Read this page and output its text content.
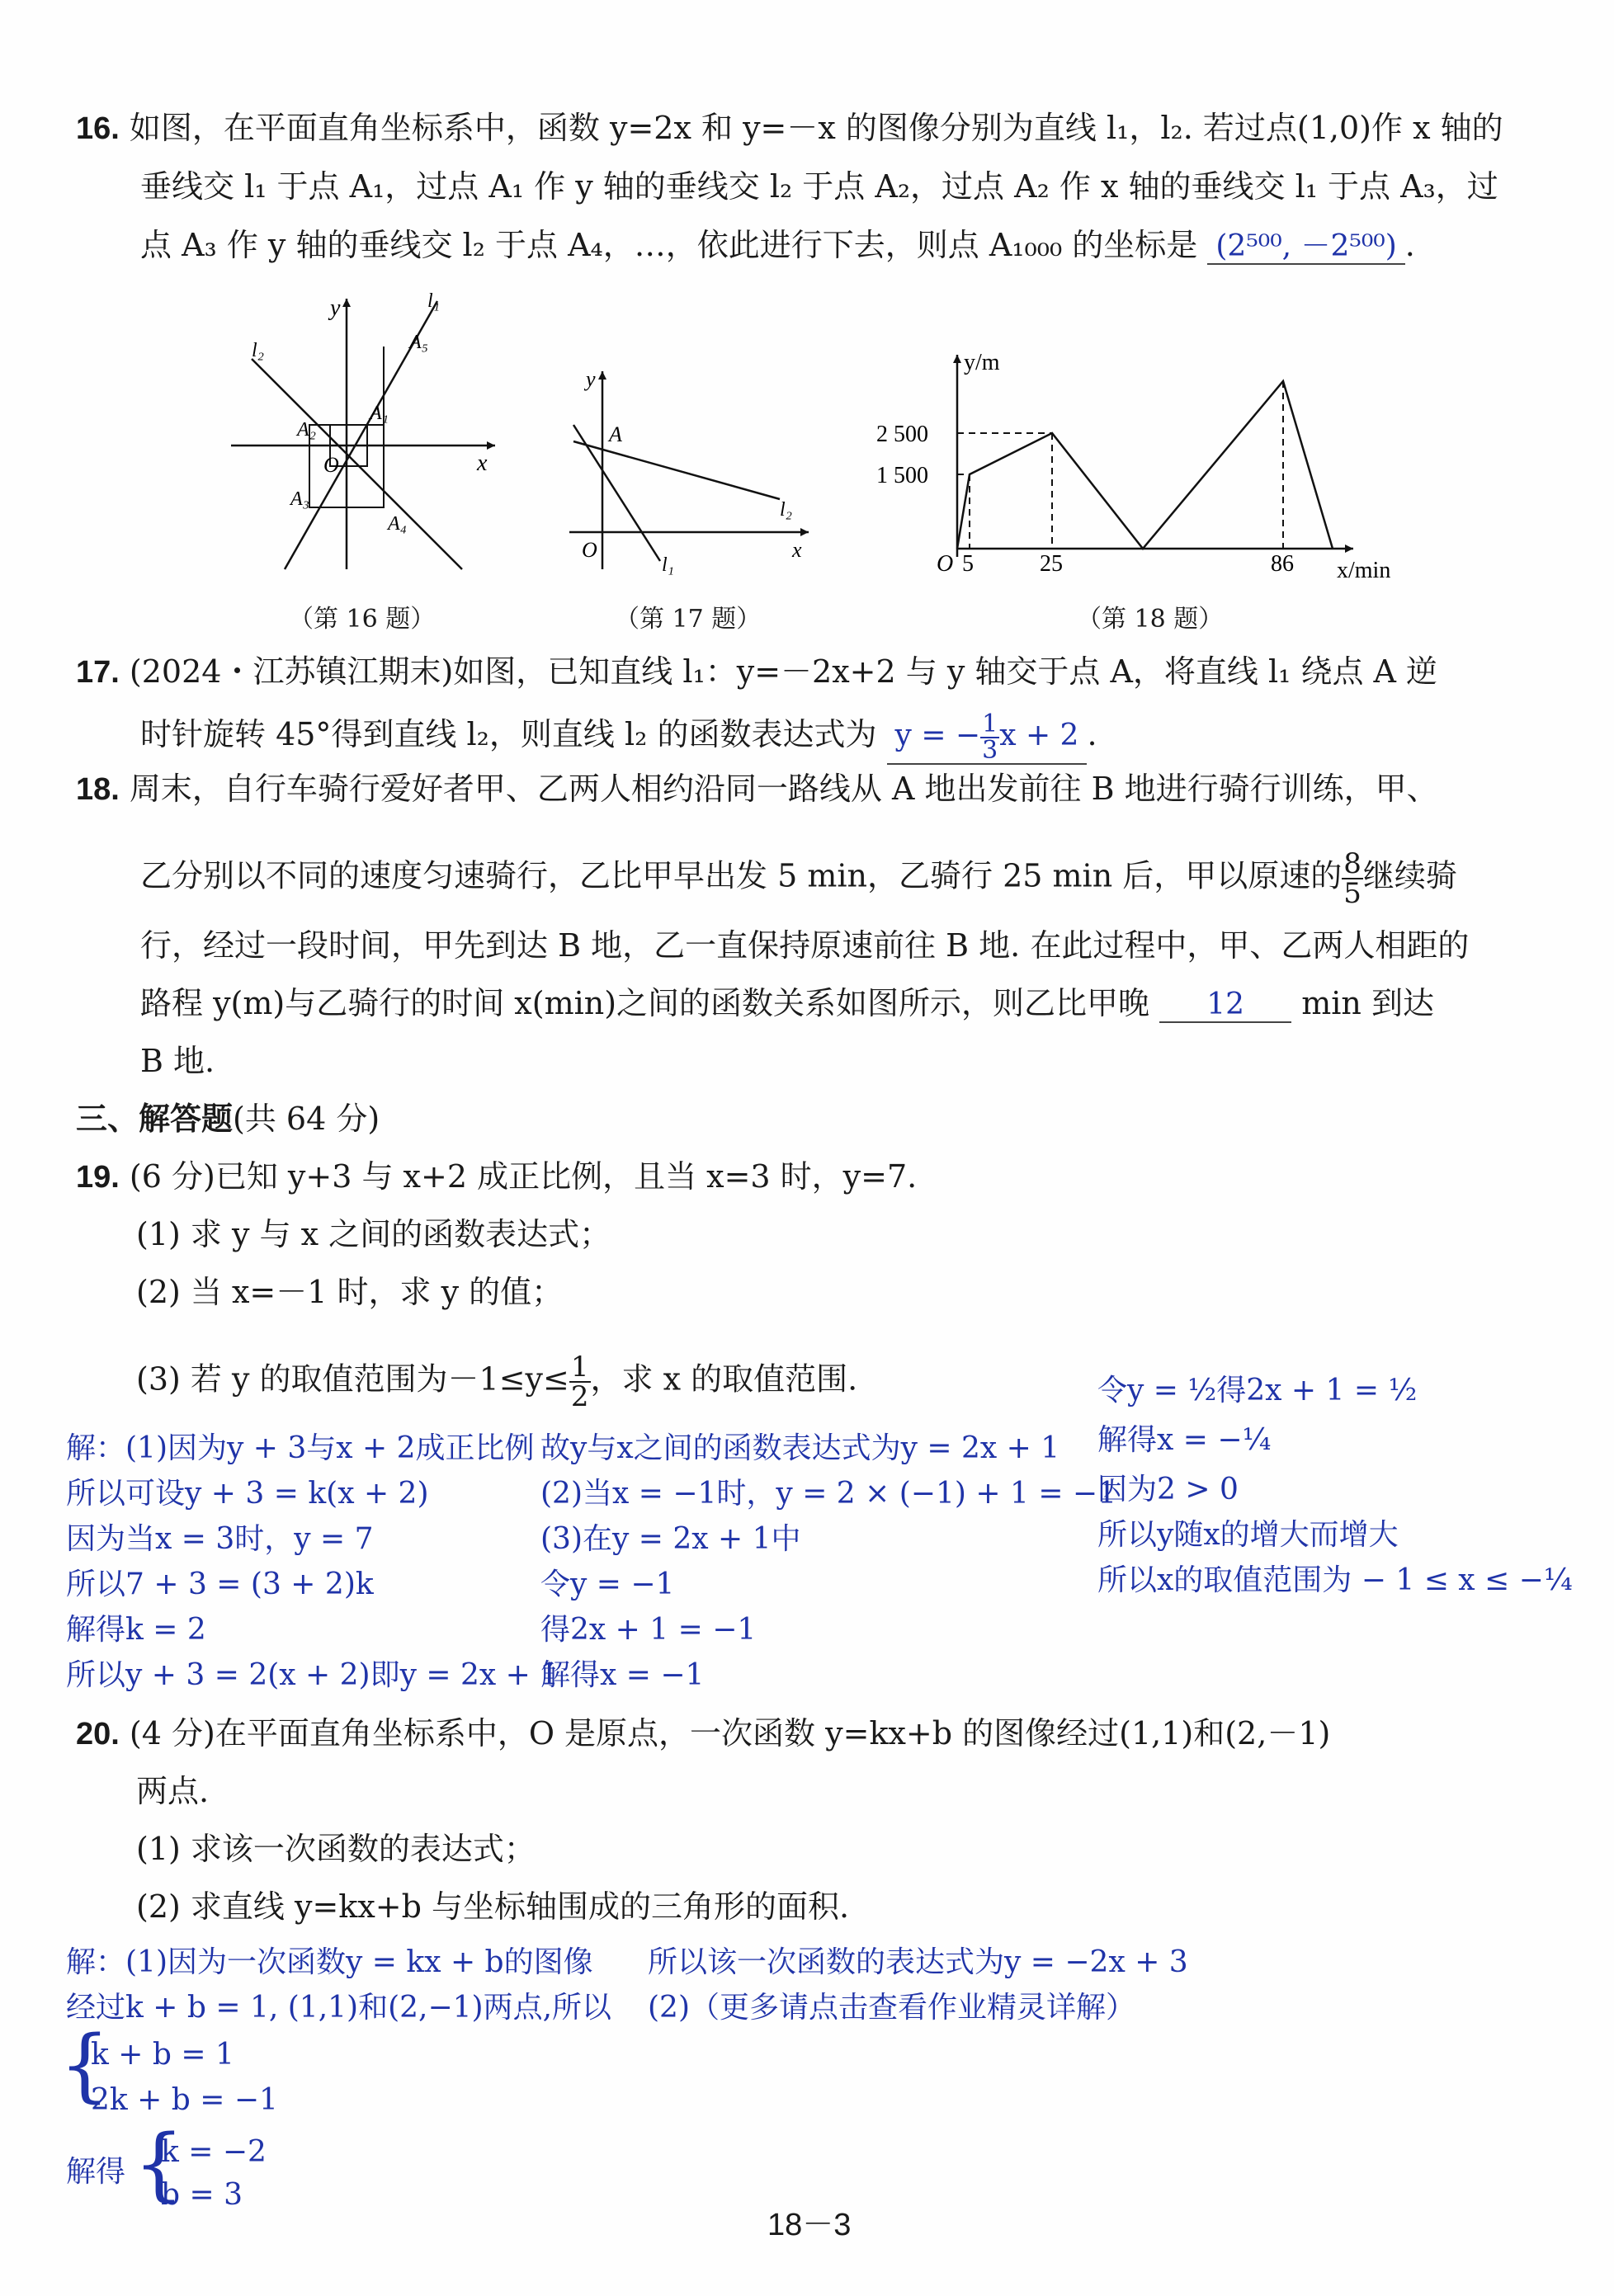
16. 如图，在平面直角坐标系中，函数 y=2x 和 y=－x 的图像分别为直线 l₁，l₂. 若过点(1,0)作 x 轴的
垂线交 l₁ 于点 A₁，过点 A₁ 作 y 轴的垂线交 l₂ 于点 A₂，过点 A₂ 作 x 轴的垂线交 l₁ 于点 A₃，过
点 A₃ 作 y 轴的垂线交 l₂ 于点 A₄，…，依此进行下去，则点 A₁₀₀₀ 的坐标是 (2⁵⁰⁰, －2⁵⁰⁰) .
y
x
O
l₁
l₂
A₁
A₂
A₃
A₄
A₅
（第 16 题）
y
x
O
A
l₁
l₂
（第 17 题）
y/m
x/min
O
2 500
1 500
5	25	86
（第 18 题）
17. (2024・江苏镇江期末)如图，已知直线 l₁：y=－2x+2 与 y 轴交于点 A，将直线 l₁ 绕点 A 逆
时针旋转 45°得到直线 l₂，则直线 l₂ 的函数表达式为 y = − $\frac{1}{3}$ x + 2 .
18. 周末，自行车骑行爱好者甲、乙两人相约沿同一路线从 A 地出发前往 B 地进行骑行训练，甲、
乙分别以不同的速度匀速骑行，乙比甲早出发 5 min，乙骑行 25 min 后，甲以原速的 $\frac{8}{5}$ 继续骑
行，经过一段时间，甲先到达 B 地，乙一直保持原速前往 B 地. 在此过程中，甲、乙两人相距的
路程 y(m)与乙骑行的时间 x(min)之间的函数关系如图所示，则乙比甲晚 12 min 到达
B 地.
三、解答题(共 64 分)
19. (6 分)已知 y+3 与 x+2 成正比例，且当 x=3 时，y=7.
(1) 求 y 与 x 之间的函数表达式；
(2) 当 x=－1 时，求 y 的值；
(3) 若 y 的取值范围为$-1\le y\le \frac{1}{2}$ ，求 x 的取值范围.
解：(1)因为y + 3与x + 2成正比例
所以可设y + 3 = k(x + 2)
因为当x = 3时，y = 7
所以7 + 3 = (3 + 2)k
解得k = 2
所以y + 3 = 2(x + 2)即y = 2x + 1
故y与x之间的函数表达式为y = 2x + 1
(2)当x = −1时，y = 2 × (−1) + 1 = −1
(3)在y = 2x + 1中
令y = −1
得2x + 1 = −1
解得x = −1
令y = ½得2x + 1 = ½
解得x = −¼
因为2 > 0
所以y随x的增大而增大
所以x的取值范围为 − 1 ≤ x ≤ −¼
20. (4 分)在平面直角坐标系中，O 是原点，一次函数 y=kx+b 的图像经过(1,1)和(2,－1)
两点.
(1) 求该一次函数的表达式；
(2) 求直线 y=kx+b 与坐标轴围成的三角形的面积.
解：(1)因为一次函数y = kx + b的图像
经过k + b = 1, (1,1)和(2,−1)两点,所以
{
k + b = 1
2k + b = −1
解得 {
k = −2
b = 3
所以该一次函数的表达式为y = −2x + 3
(2)（更多请点击查看作业精灵详解）
18－3
